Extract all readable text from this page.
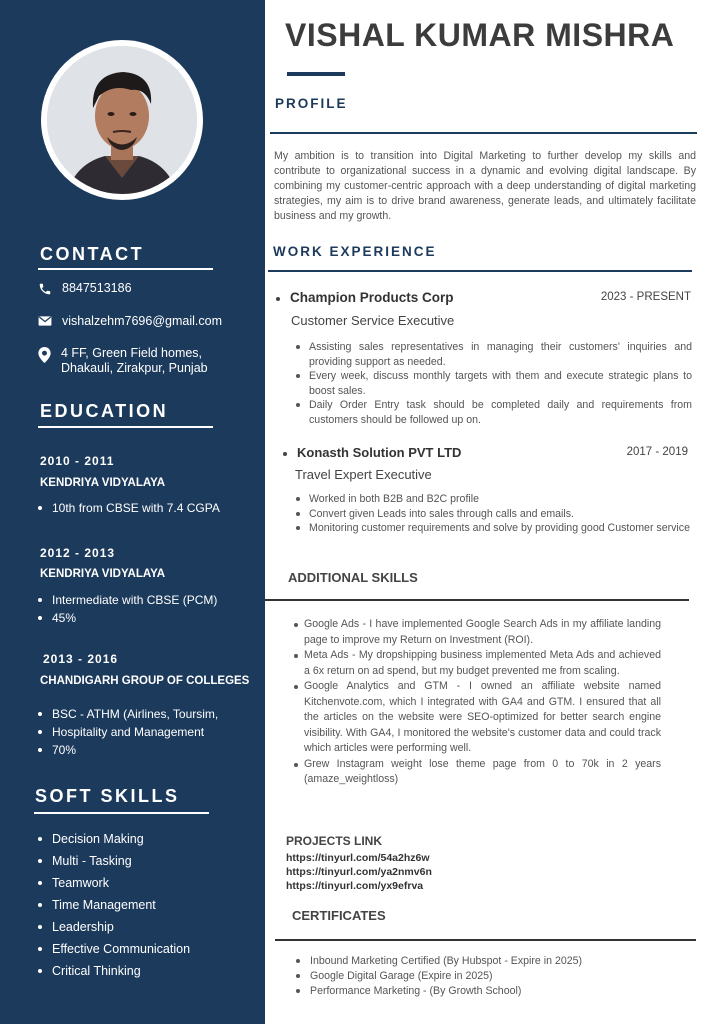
CONTACT
8847513186
vishalzehm7696@gmail.com
4 FF, Green Field homes,
Dhakauli, Zirakpur, Punjab
EDUCATION
2010 - 2011
KENDRIYA VIDYALAYA
10th from CBSE with 7.4 CGPA
2012 - 2013
KENDRIYA VIDYALAYA
Intermediate with CBSE (PCM)
45%
2013 - 2016
CHANDIGARH GROUP OF COLLEGES
BSC - ATHM (Airlines, Toursim,
Hospitality and Management
70%
SOFT SKILLS
Decision Making
Multi - Tasking
Teamwork
Time Management
Leadership
Effective Communication
Critical Thinking
VISHAL KUMAR MISHRA
PROFILE
My ambition is to transition into Digital Marketing to further develop my skills and contribute to organizational success in a dynamic and evolving digital landscape. By combining my customer-centric approach with a deep understanding of digital marketing strategies, my aim is to drive brand awareness, generate leads, and ultimately facilitate business and my growth.
WORK EXPERIENCE
Champion Products Corp	2023 - PRESENT
Customer Service Executive
Assisting sales representatives in managing their customers' inquiries and providing support as needed.
Every week, discuss monthly targets with them and execute strategic plans to boost sales.
Daily Order Entry task should be completed daily and requirements from customers should be followed up on.
Konasth Solution PVT LTD	2017 - 2019
Travel Expert Executive
Worked in both B2B and B2C profile
Convert given Leads into sales through calls and emails.
Monitoring customer requirements and solve by providing good Customer service
ADDITIONAL SKILLS
Google Ads - I have implemented Google Search Ads in my affiliate landing page to improve my Return on Investment (ROI).
Meta Ads - My dropshipping business implemented Meta Ads and achieved a 6x return on ad spend, but my budget prevented me from scaling.
Google Analytics and GTM - I owned an affiliate website named Kitchenvote.com, which I integrated with GA4 and GTM. I ensured that all the articles on the website were SEO-optimized for better search engine visibility. With GA4, I monitored the website's customer data and could track which articles were performing well.
Grew Instagram weight lose theme page from 0 to 70k in 2 years (amaze_weightloss)
PROJECTS LINK
https://tinyurl.com/54a2hz6w
https://tinyurl.com/ya2nmv6n
https://tinyurl.com/yx9efrva
CERTIFICATES
Inbound Marketing Certified (By Hubspot - Expire in 2025)
Google Digital Garage (Expire in 2025)
Performance Marketing - (By Growth School)
